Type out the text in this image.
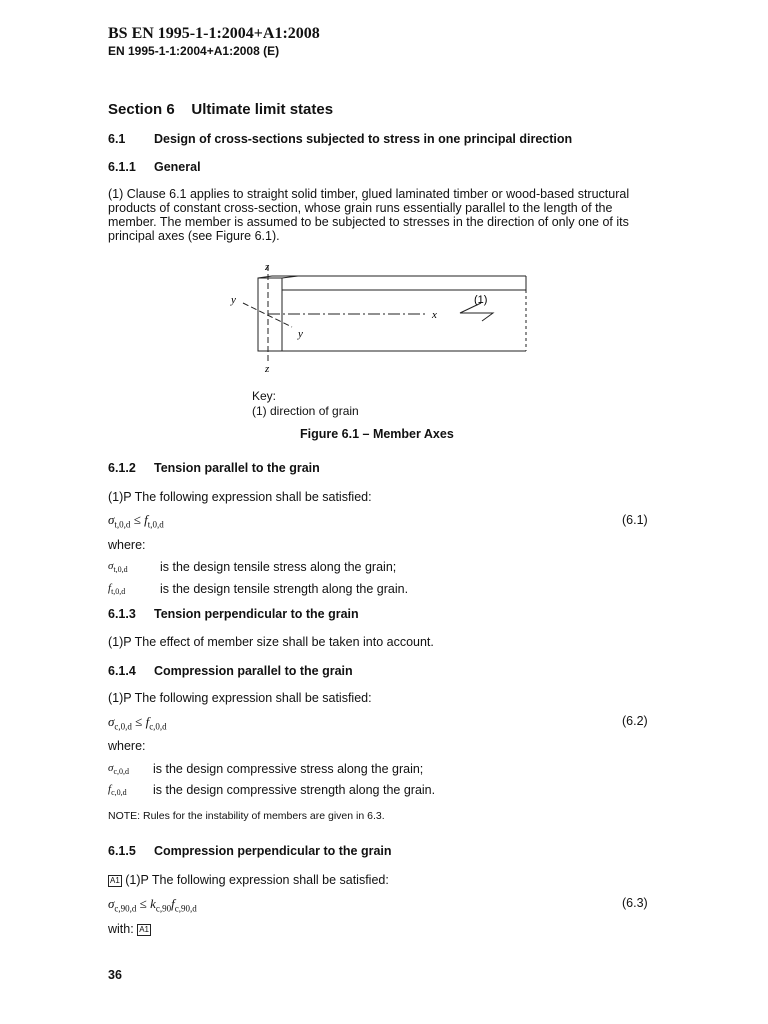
BS EN 1995-1-1:2004+A1:2008
EN 1995-1-1:2004+A1:2008 (E)
Section 6    Ultimate limit states
6.1 Design of cross-sections subjected to stress in one principal direction
6.1.1 General
(1) Clause 6.1 applies to straight solid timber, glued laminated timber or wood-based structural
products of constant cross-section, whose grain runs essentially parallel to the length of the
member. The member is assumed to be subjected to stresses in the direction of only one of its
principal axes (see Figure 6.1).
z
z
y
y
x
(1)
Key:
(1) direction of grain
Figure 6.1 – Member Axes
6.1.2 Tension parallel to the grain
(1)P The following expression shall be satisfied:
$\sigma_{t,0,d} \le f_{t,0,d}$	(6.1)
where:
$\sigma_{t,0,d}$	is the design tensile stress along the grain;
$f_{t,0,d}$	is the design tensile strength along the grain.
6.1.3 Tension perpendicular to the grain
(1)P The effect of member size shall be taken into account.
6.1.4 Compression parallel to the grain
(1)P The following expression shall be satisfied:
$\sigma_{c,0,d} \le f_{c,0,d}$	(6.2)
where:
$\sigma_{c,0,d}$ is the design compressive stress along the grain;
$f_{c,0,d}$ is the design compressive strength along the grain.
NOTE: Rules for the instability of members are given in 6.3.
6.1.5 Compression perpendicular to the grain
A1 (1)P The following expression shall be satisfied:
$\sigma_{c,90,d} \le k_{c,90}f_{c,90,d}$	(6.3)
with: A1
36
